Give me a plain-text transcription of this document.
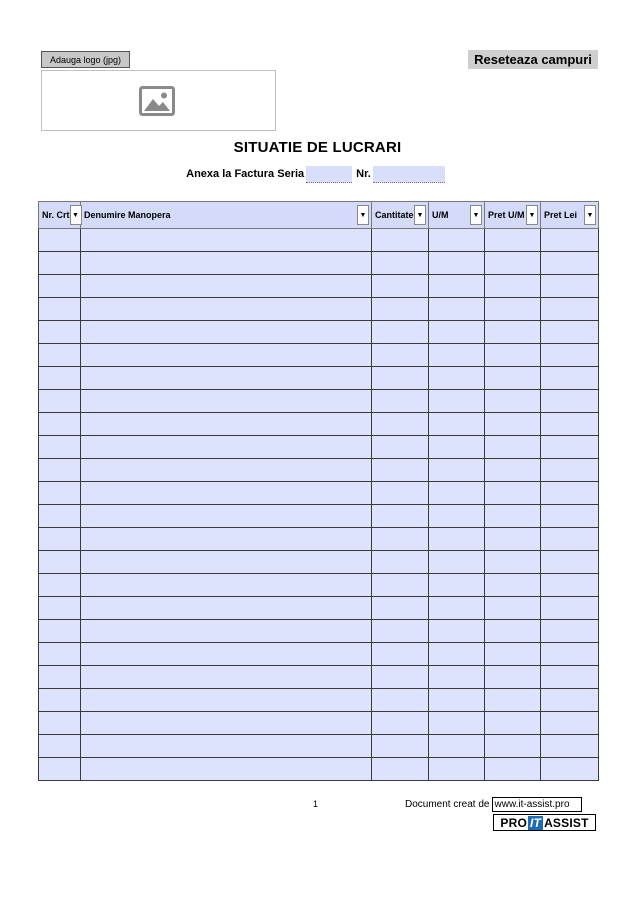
Adauga logo (jpg)	Reseteaza campuri
SITUATIE DE LUCRARI
Anexa la Factura Seria	Nr.
Nr. Crt ▼	Denumire Manopera ▼	Cantitate ▼	U/M ▼	Pret U/M ▼	Pret Lei ▼

1	Document creat de www.it-assist.pro
PRO IT ASSIST
